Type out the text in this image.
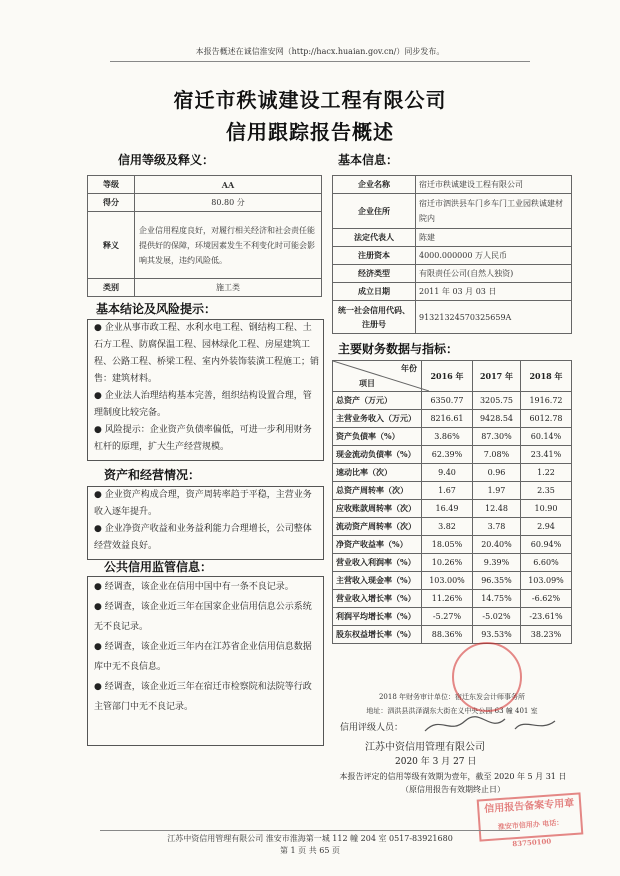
本报告概述在诚信淮安网（http://hacx.huaian.gov.cn/）同步发布。
宿迁市秩诚建设工程有限公司
信用跟踪报告概述
信用等级及释义：
等级	AA
得分	80.80 分
释义	企业信用程度良好，对履行相关经济和社会责任能提供好的保障，环境因素发生不利变化时可能会影响其发展，违约风险低。
类别	施工类
基本信息：
企业名称	宿迁市秩诚建设工程有限公司
企业住所	宿迁市泗洪县车门乡车门工业园秩诚建材院内
法定代表人	陈建
注册资本	4000.000000 万人民币
经济类型	有限责任公司(自然人独资)
成立日期	2011 年 03 月 03 日
统一社会信用代码、注册号	91321324570325659A
基本结论及风险提示：

● 企业从事市政工程、水利水电工程、钢结构工程、土石方工程、防腐保温工程、园林绿化工程、房屋建筑工程、公路工程、桥梁工程、室内外装饰装潢工程施工；销售：建筑材料。

● 企业法人治理结构基本完善，组织结构设置合理，管理制度比较完备。

● 风险提示：企业资产负债率偏低，可进一步利用财务杠杆的原理，扩大生产经营规模。

资产和经营情况：

● 企业资产构成合理，资产周转率趋于平稳，主营业务收入逐年提升。

● 企业净资产收益和业务益利能力合理增长，公司整体经营效益良好。

公共信用监管信息：

● 经调查，该企业在信用中国中有一条不良记录。

● 经调查，该企业近三年在国家企业信用信息公示系统无不良记录。

● 经调查，该企业近三年内在江苏省企业信用信息数据库中无不良信息。

● 经调查，该企业近三年在宿迁市检察院和法院等行政主管部门中无不良记录。

主要财务数据与指标：
年份
项目	2016 年	2017 年	2018 年
总资产（万元）	6350.77	3205.75	1916.72
主营业务收入（万元）	8216.61	9428.54	6012.78
资产负债率（%）	3.86%	87.30%	60.14%
现金流动负债率（%）	62.39%	7.08%	23.41%
速动比率（次）	9.40	0.96	1.22
总资产周转率（次）	1.67	1.97	2.35
应收账款周转率（次）	16.49	12.48	10.90
流动资产周转率（次）	3.82	3.78	2.94
净资产收益率（%）	18.05%	20.40%	60.94%
营业收入利润率（%）	10.26%	9.39%	6.60%
主营收入现金率（%）	103.00%	96.35%	103.09%
营业收入增长率（%）	11.26%	14.75%	-6.62%
利润平均增长率（%）	-5.27%	-5.02%	-23.61%
股东权益增长率（%）	88.36%	93.53%	38.23%
2018 年财务审计单位：宿迁东发会计师事务所
地址：泗洪县洪泽湖东大街在义中央公园 63 幢 401 室
信用评级人员：
江苏中资信用管理有限公司
2020 年 3 月 27 日
本报告评定的信用等级有效期为壹年，截至 2020 年 5 月 31 日（原信用报告有效期终止日）
信用报告备案专用章
淮安市信用办 电话：83750100
江苏中资信用管理有限公司 淮安市淮海第一城 112 幢 204 室 0517-83921680
第 1 页 共 65 页
